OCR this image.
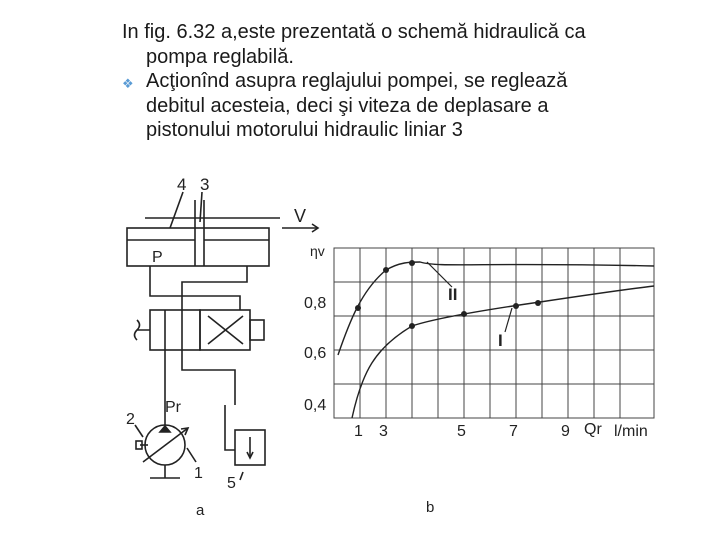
In fig. 6.32 a,este prezentată o schemă hidraulică ca

pompa reglabilă.
❖ Acţionînd asupra reglajului pompei, se reglează
debitul acesteia, deci şi viteza de deplasare a
pistonului motorului hidraulic liniar 3
4 3
V
P
Pr
2
1
5
a
ηv
0,8
0,6
0,4
1 3	5	7	9 Qr l/min
II
I
b
